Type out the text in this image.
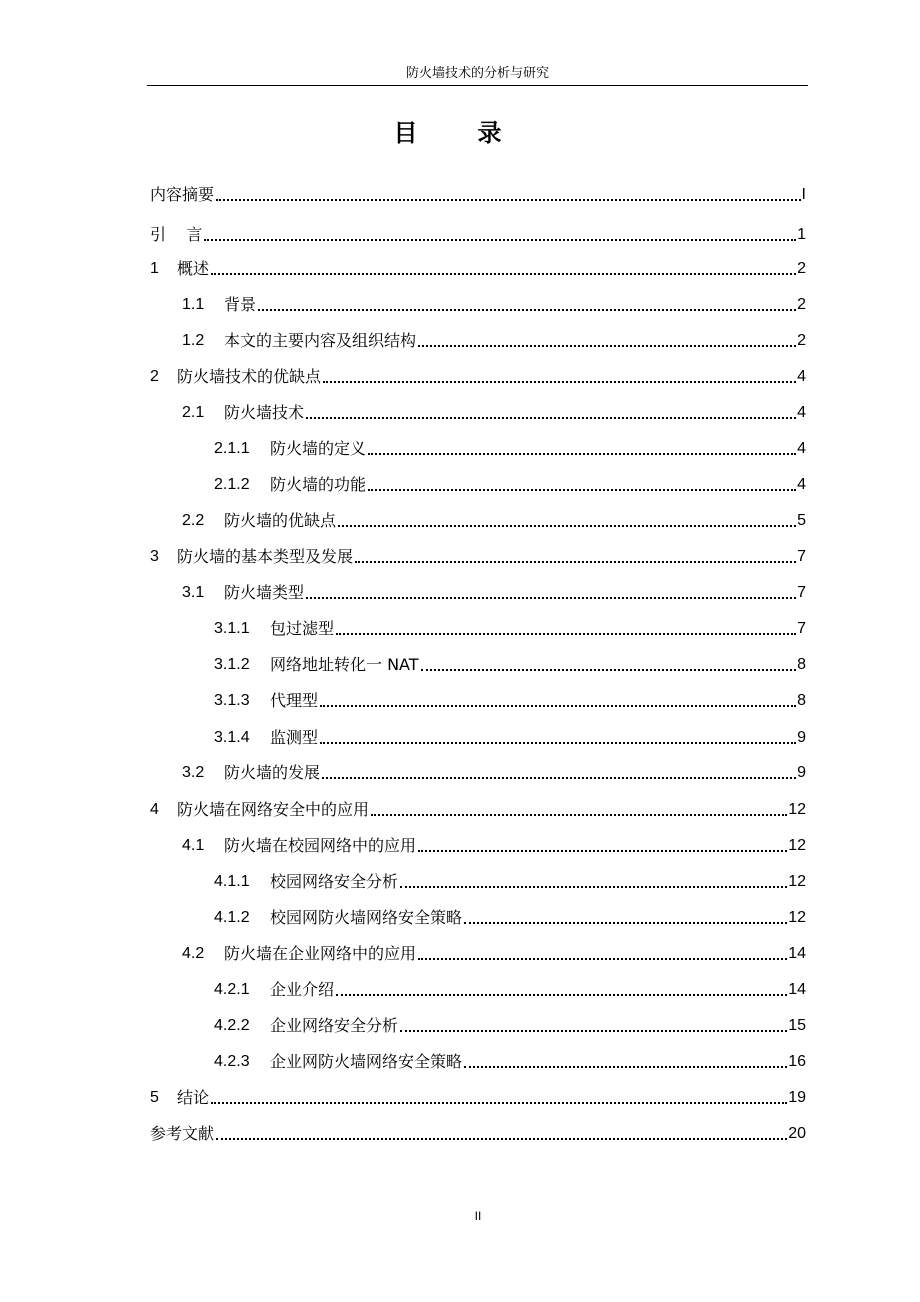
防火墙技术的分析与研究
目录
内容摘要	I
引    言	1
1	概述	2
1.1	背景	2
1.2	本文的主要内容及组织结构	2
2	防火墙技术的优缺点	4
2.1	防火墙技术	4
2.1.1	防火墙的定义	4
2.1.2	防火墙的功能	4
2.2	防火墙的优缺点	5
3	防火墙的基本类型及发展	7
3.1	防火墙类型	7
3.1.1	包过滤型	7
3.1.2	网络地址转化一 NAT	8
3.1.3	代理型	8
3.1.4	监测型	9
3.2	防火墙的发展	9
4	防火墙在网络安全中的应用	12
4.1	防火墙在校园网络中的应用	12
4.1.1	校园网络安全分析	12
4.1.2	校园网防火墙网络安全策略	12
4.2	防火墙在企业网络中的应用	14
4.2.1	企业介绍	14
4.2.2	企业网络安全分析	15
4.2.3	企业网防火墙网络安全策略	16
5	结论	19
参考文献	20
II
